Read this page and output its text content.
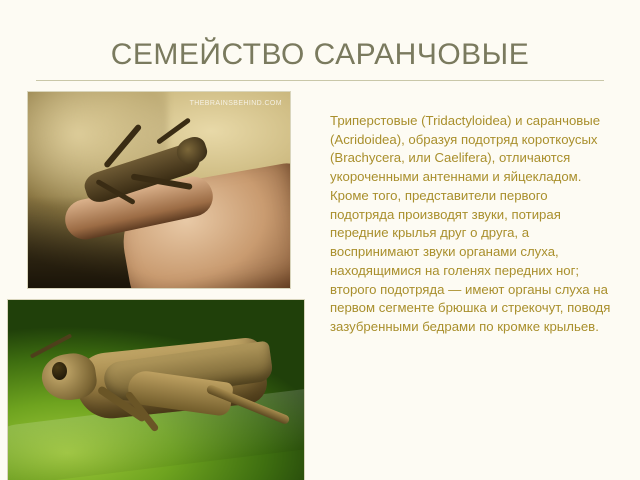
СЕМЕЙСТВО САРАНЧОВЫЕ
THEBRAINSBEHIND.COM
Триперстовые (Tridactyloidea) и саранчовые (Acridoidea), образуя подотряд короткоусых (Brachycera, или Caelifera), отличаются укороченными антеннами и яйцекладом. Кроме того, представители первого подотряда производят звуки, потирая передние крылья друг о друга, а воспринимают звуки органами слуха, находящимися на голенях передних ног; второго подотряда — имеют органы слуха на первом сегменте брюшка и стрекочут, поводя зазубренными бедрами по кромке крыльев.
